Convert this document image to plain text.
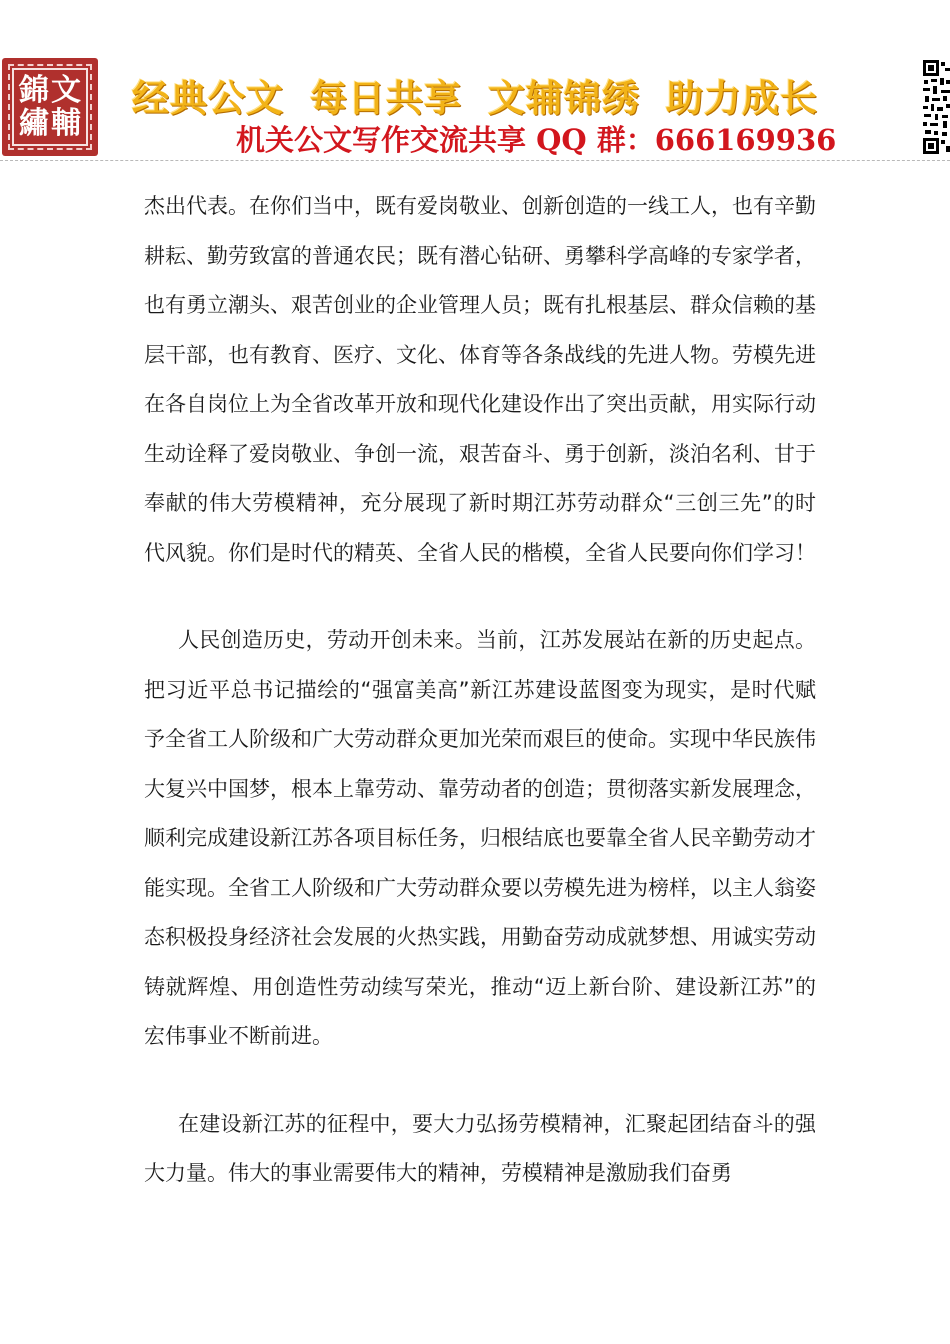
錦 文
繡 輔
经典公文 每日共享 文辅锦绣 助力成长
机关公文写作交流共享 QQ 群：666169936

杰出代表。在你们当中，既有爱岗敬业、创新创造的一线工人，也有辛勤耕耘、勤劳致富的普通农民；既有潜心钻研、勇攀科学高峰的专家学者，也有勇立潮头、艰苦创业的企业管理人员；既有扎根基层、群众信赖的基层干部，也有教育、医疗、文化、体育等各条战线的先进人物。劳模先进在各自岗位上为全省改革开放和现代化建设作出了突出贡献，用实际行动生动诠释了爱岗敬业、争创一流，艰苦奋斗、勇于创新，淡泊名利、甘于奉献的伟大劳模精神，充分展现了新时期江苏劳动群众“三创三先”的时代风貌。你们是时代的精英、全省人民的楷模，全省人民要向你们学习！

人民创造历史，劳动开创未来。当前，江苏发展站在新的历史起点。把习近平总书记描绘的“强富美高”新江苏建设蓝图变为现实，是时代赋予全省工人阶级和广大劳动群众更加光荣而艰巨的使命。实现中华民族伟大复兴中国梦，根本上靠劳动、靠劳动者的创造；贯彻落实新发展理念，顺利完成建设新江苏各项目标任务，归根结底也要靠全省人民辛勤劳动才能实现。全省工人阶级和广大劳动群众要以劳模先进为榜样，以主人翁姿态积极投身经济社会发展的火热实践，用勤奋劳动成就梦想、用诚实劳动铸就辉煌、用创造性劳动续写荣光，推动“迈上新台阶、建设新江苏”的宏伟事业不断前进。

在建设新江苏的征程中，要大力弘扬劳模精神，汇聚起团结奋斗的强大力量。伟大的事业需要伟大的精神，劳模精神是激励我们奋勇
